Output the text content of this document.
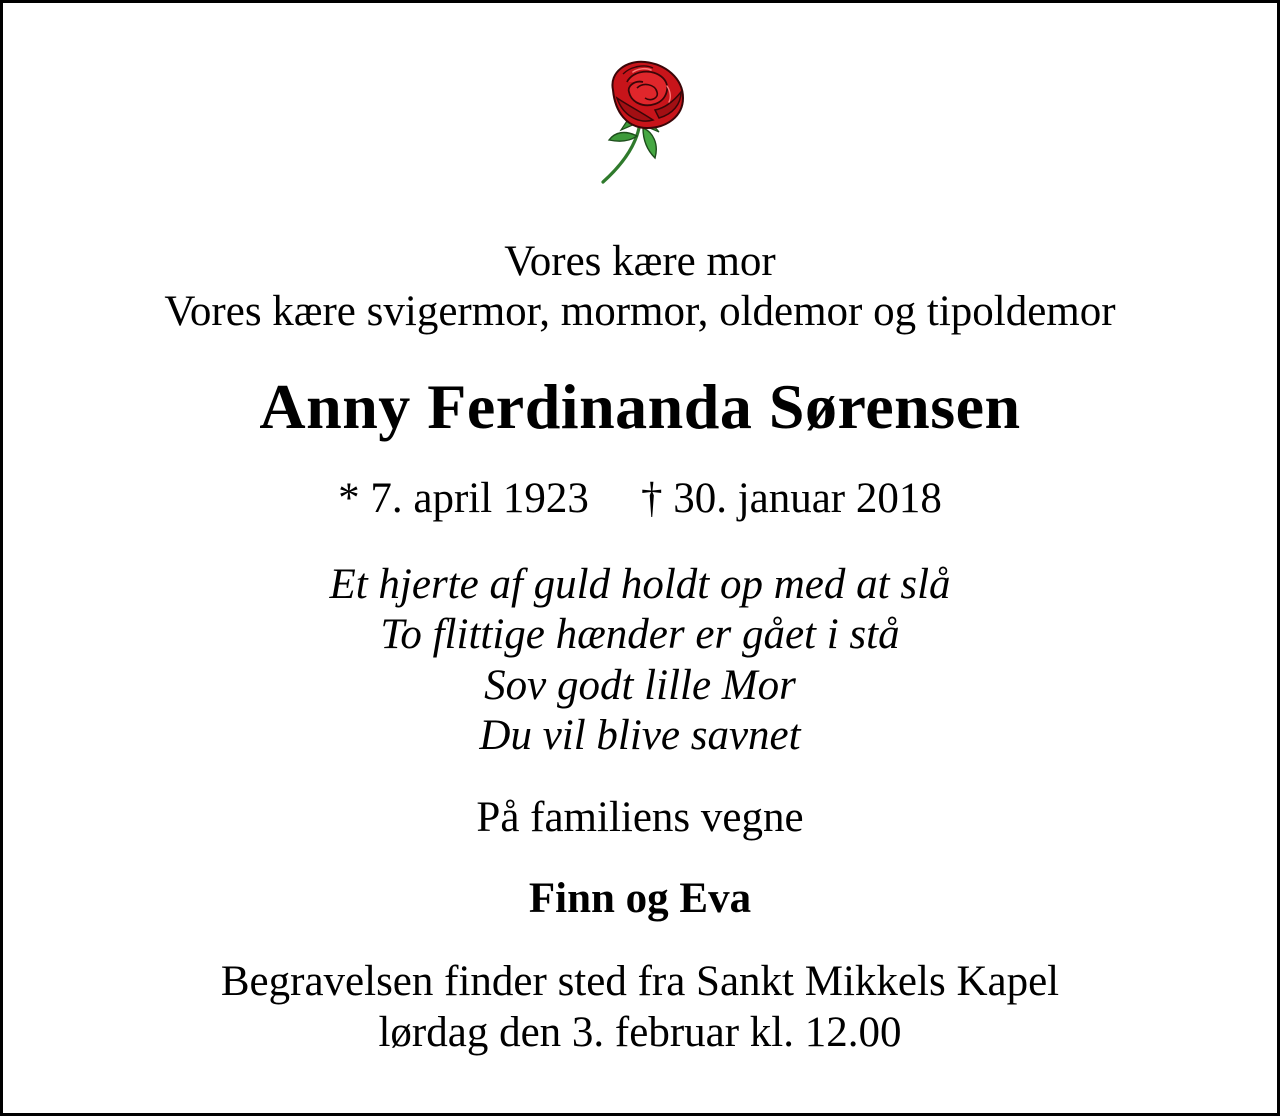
Vores kære mor
Vores kære svigermor, mormor, oldemor og tipoldemor
Anny Ferdinanda Sørensen
* 7. april 1923 † 30. januar 2018
Et hjerte af guld holdt op med at slå
To flittige hænder er gået i stå
Sov godt lille Mor
Du vil blive savnet
På familiens vegne
Finn og Eva
Begravelsen finder sted fra Sankt Mikkels Kapel
lørdag den 3. februar kl. 12.00
